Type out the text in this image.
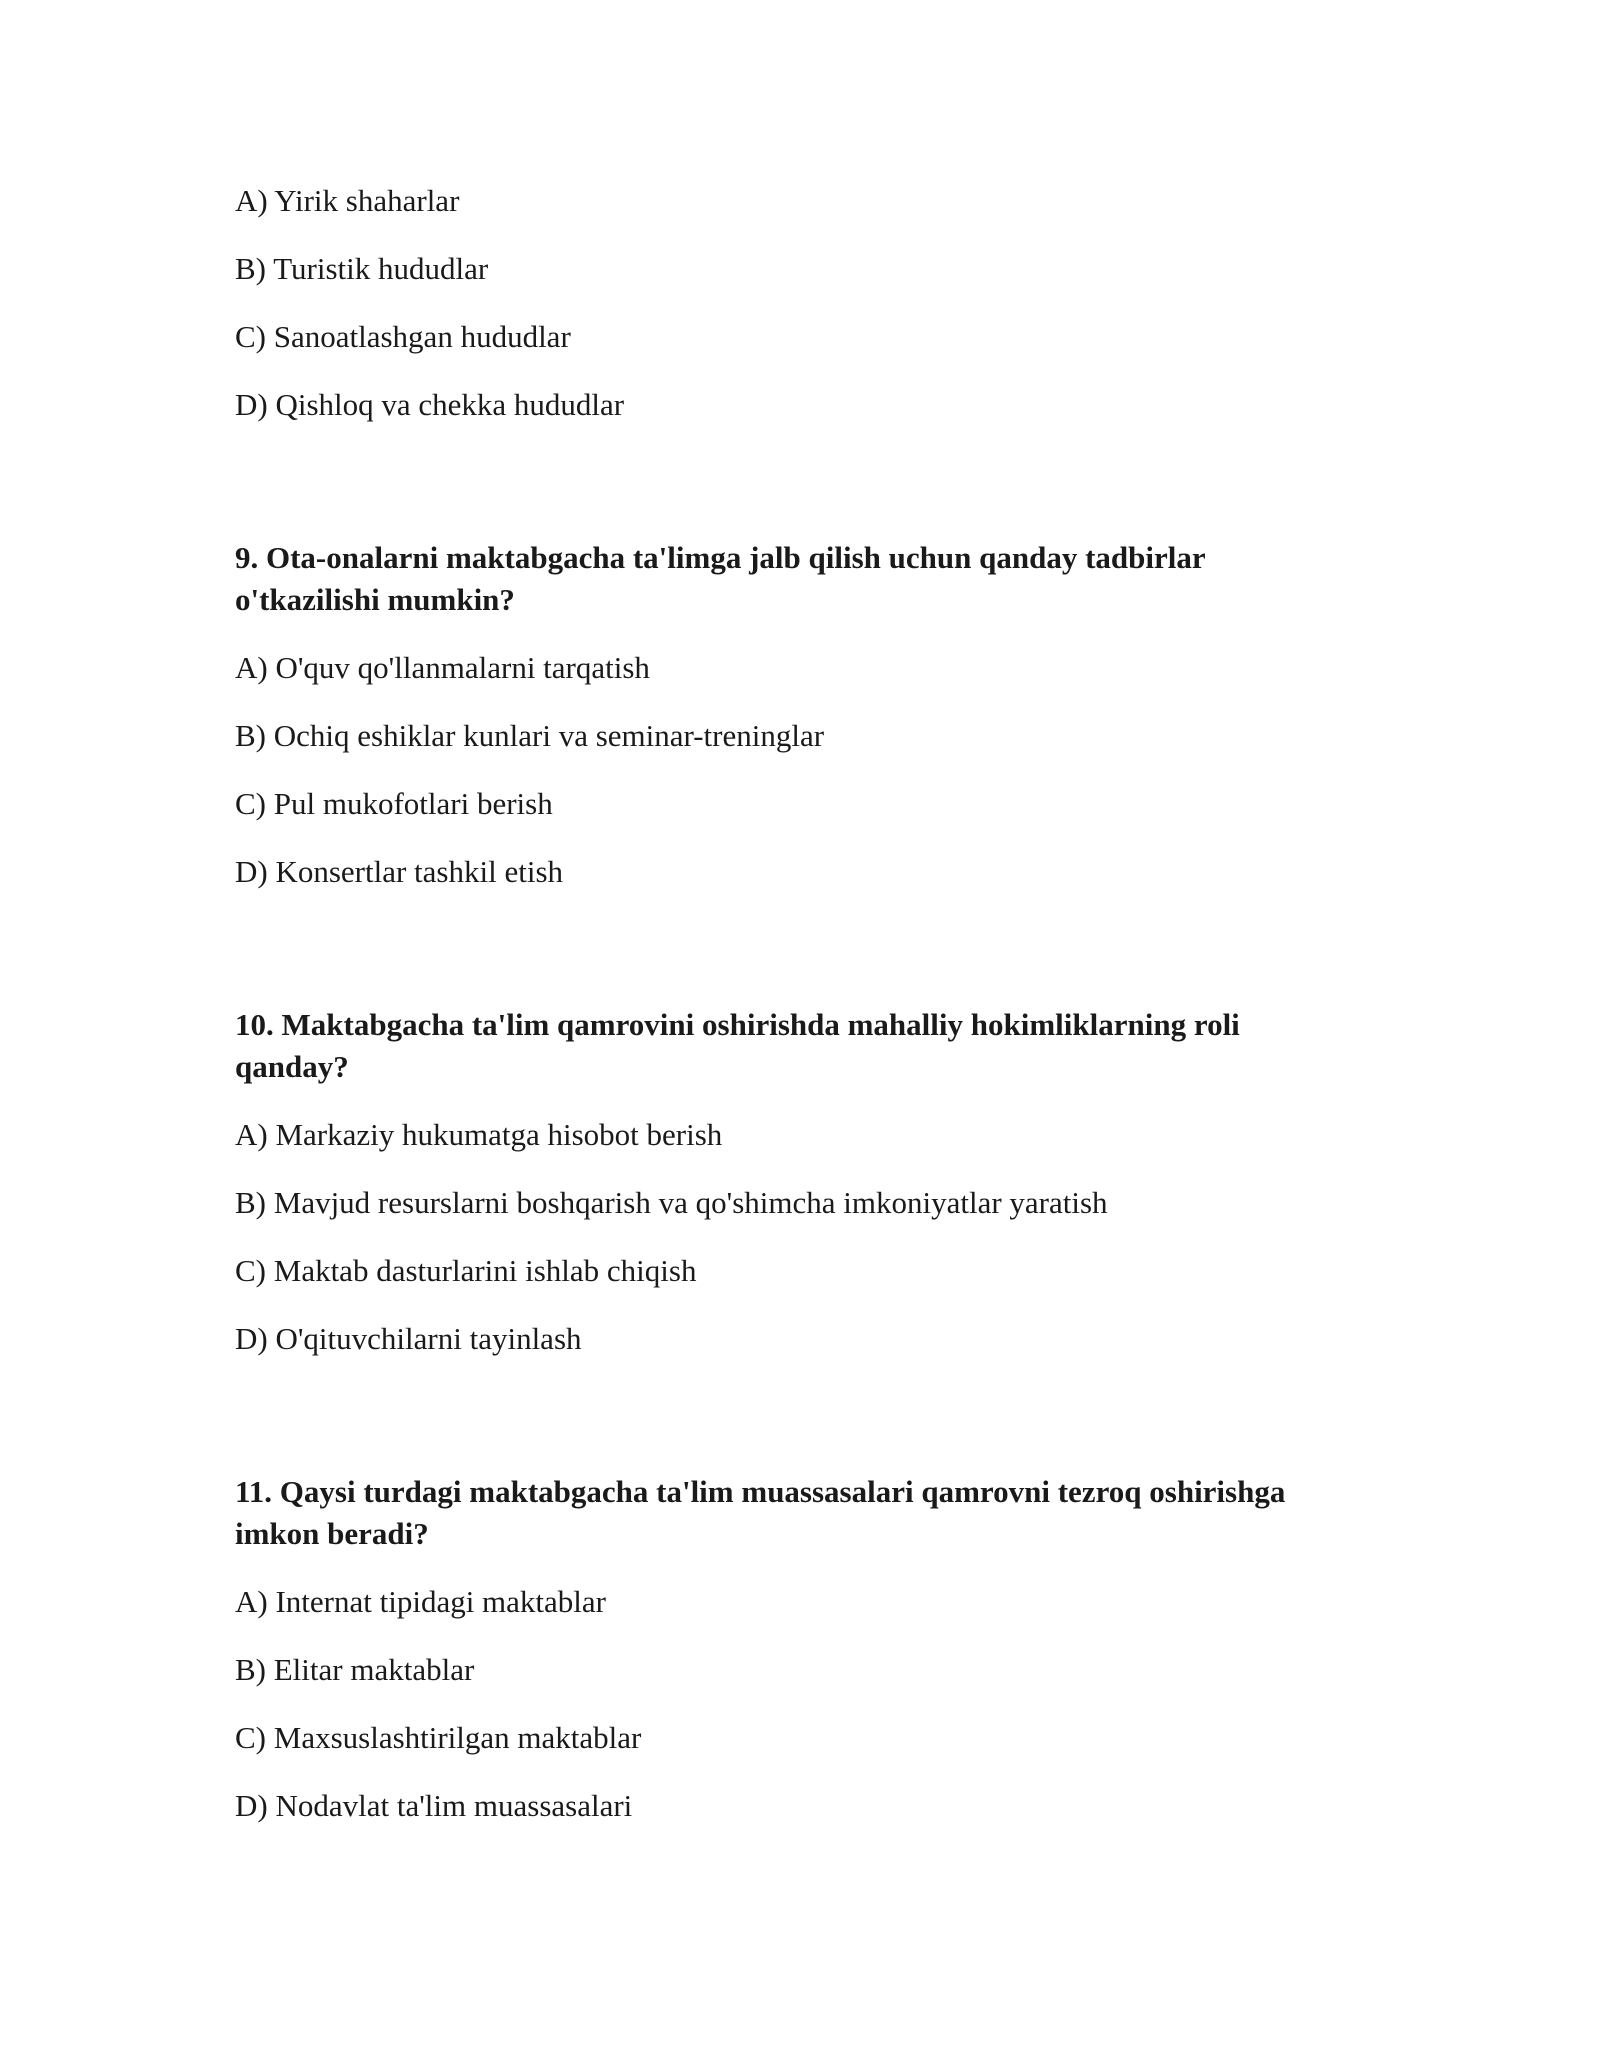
A) Yirik shaharlar
B) Turistik hududlar
C) Sanoatlashgan hududlar
D) Qishloq va chekka hududlar
9. Ota-onalarni maktabgacha ta'limga jalb qilish uchun qanday tadbirlar
o'tkazilishi mumkin?
A) O'quv qo'llanmalarni tarqatish
B) Ochiq eshiklar kunlari va seminar-treninglar
C) Pul mukofotlari berish
D) Konsertlar tashkil etish
10. Maktabgacha ta'lim qamrovini oshirishda mahalliy hokimliklarning roli
qanday?
A) Markaziy hukumatga hisobot berish
B) Mavjud resurslarni boshqarish va qo'shimcha imkoniyatlar yaratish
C) Maktab dasturlarini ishlab chiqish
D) O'qituvchilarni tayinlash
11. Qaysi turdagi maktabgacha ta'lim muassasalari qamrovni tezroq oshirishga
imkon beradi?
A) Internat tipidagi maktablar
B) Elitar maktablar
C) Maxsuslashtirilgan maktablar
D) Nodavlat ta'lim muassasalari
